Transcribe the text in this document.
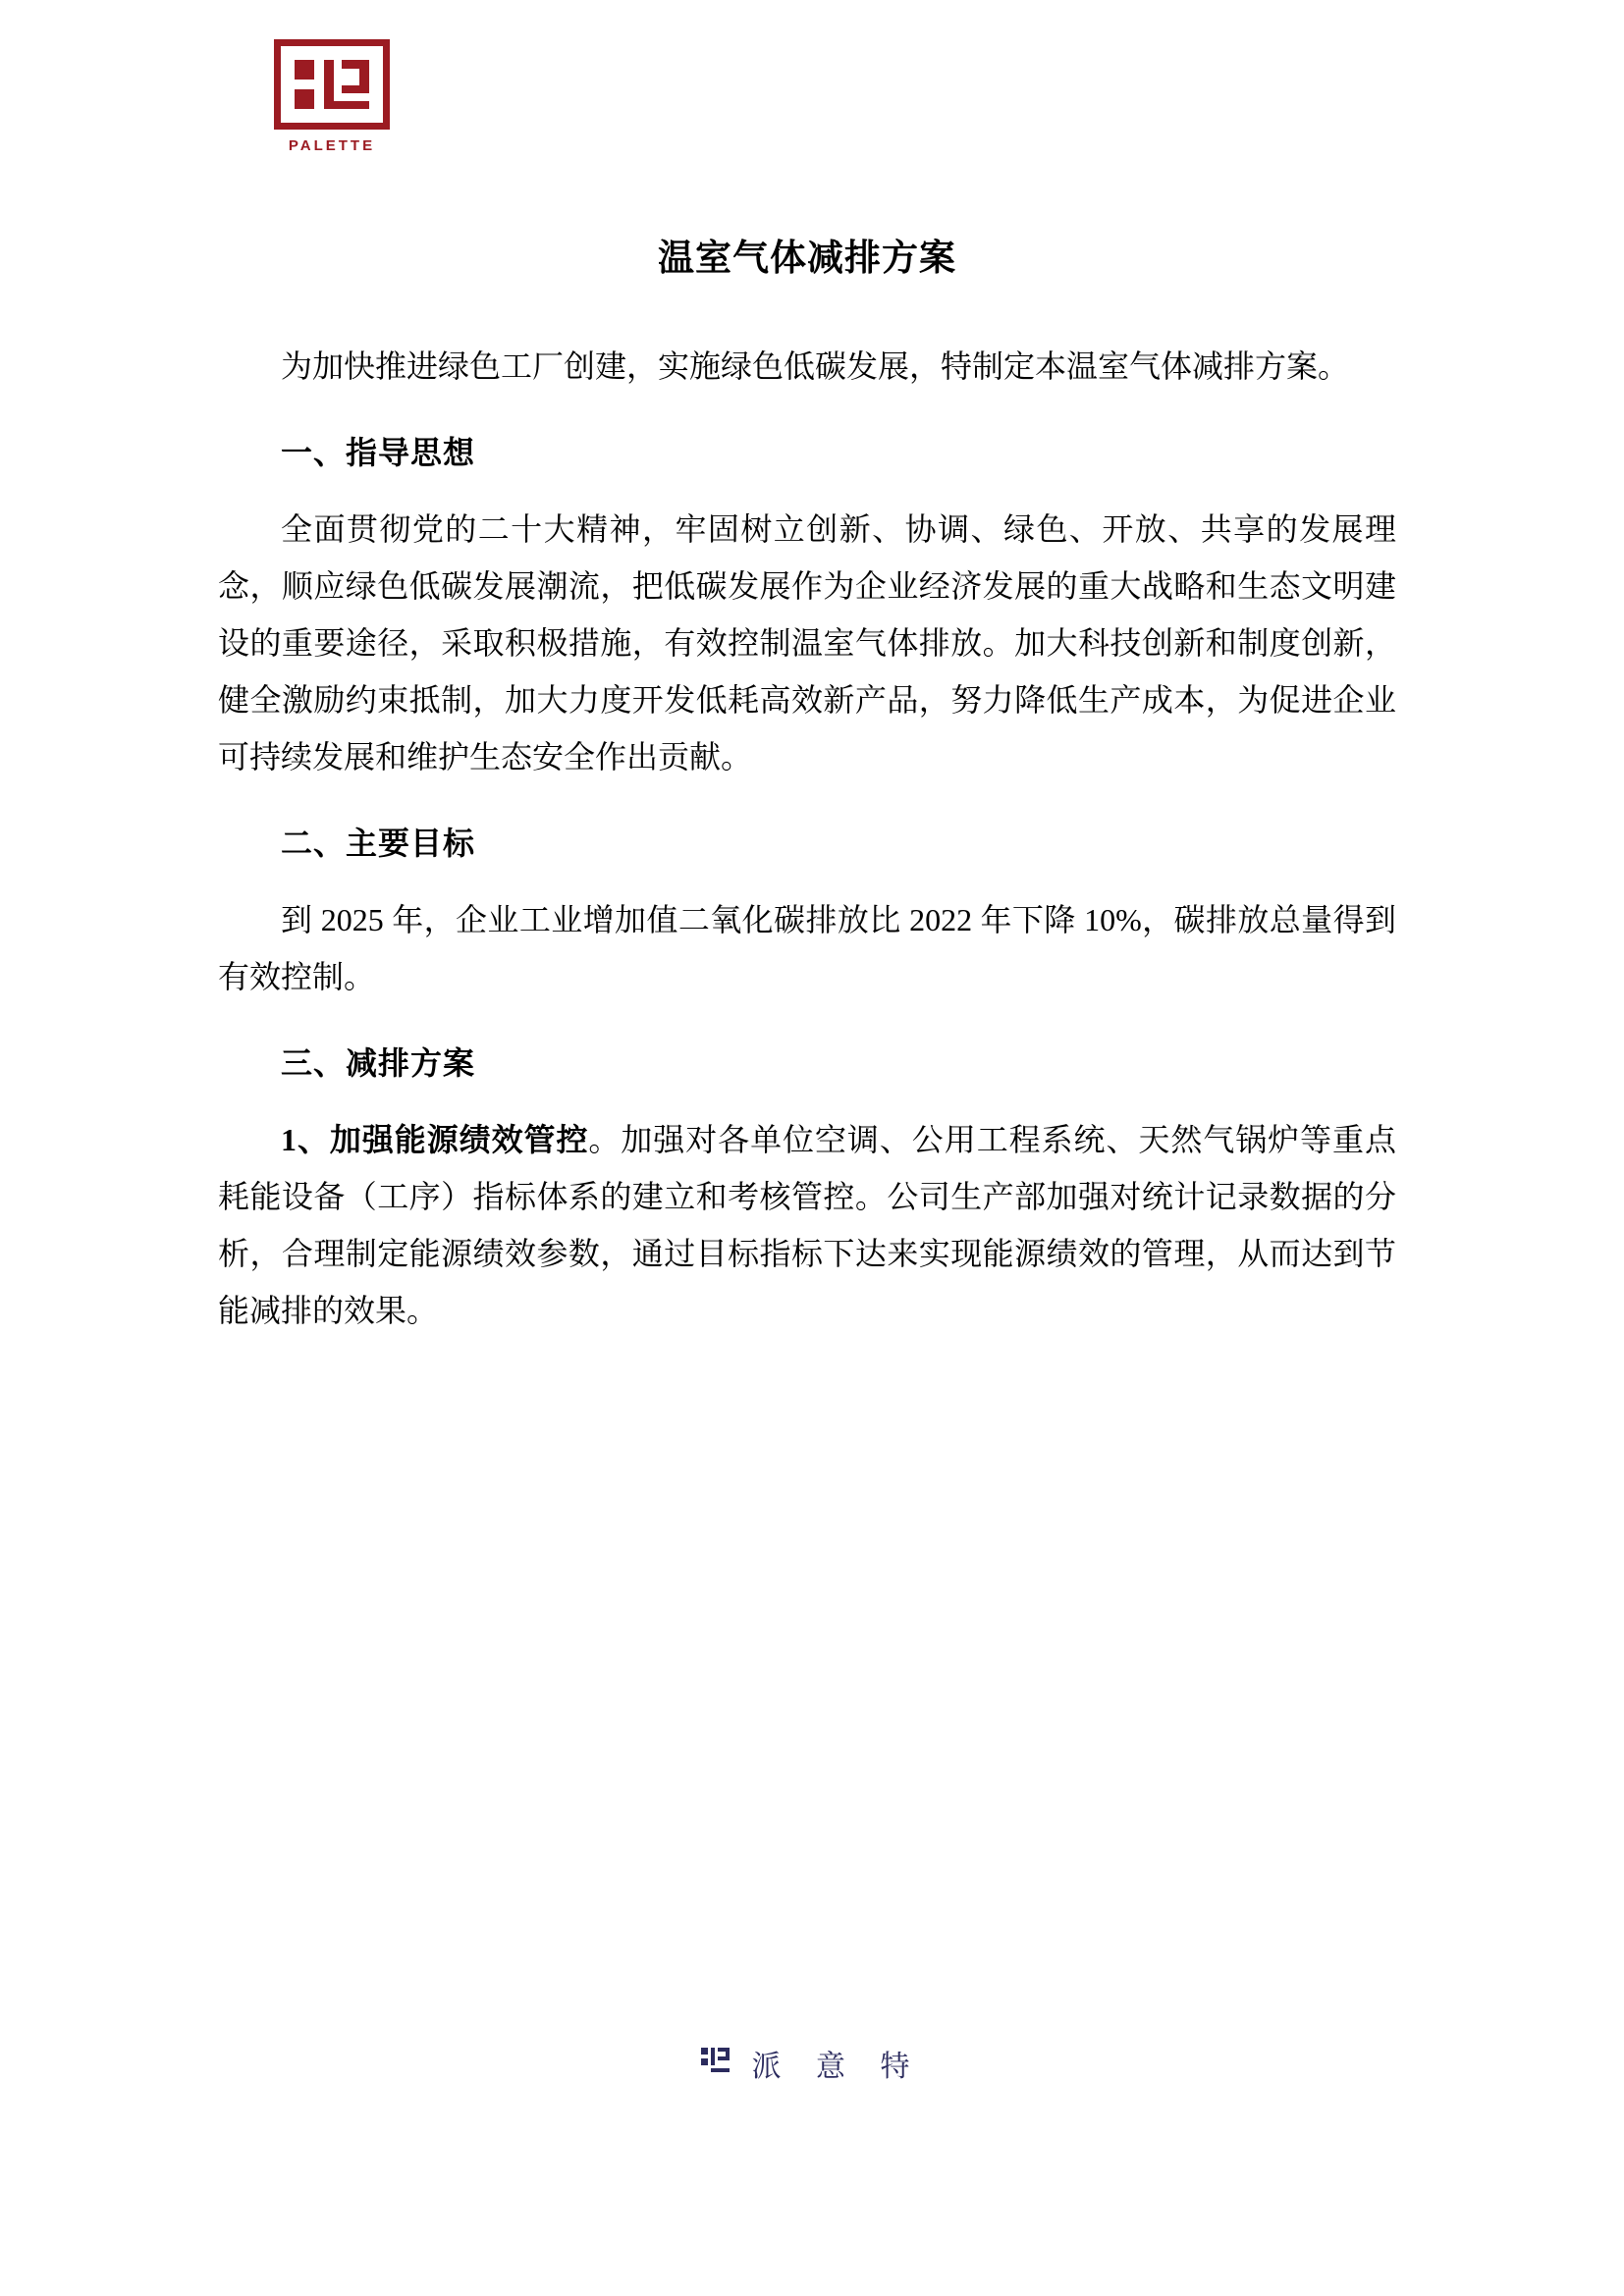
PALETTE
温室气体减排方案

为加快推进绿色工厂创建，实施绿色低碳发展，特制定本温室气体减排方案。

一、指导思想

全面贯彻党的二十大精神，牢固树立创新、协调、绿色、开放、共享的发展理念，顺应绿色低碳发展潮流，把低碳发展作为企业经济发展的重大战略和生态文明建设的重要途径，采取积极措施，有效控制温室气体排放。加大科技创新和制度创新，健全激励约束抵制，加大力度开发低耗高效新产品，努力降低生产成本，为促进企业可持续发展和维护生态安全作出贡献。

二、主要目标

到 2025 年，企业工业增加值二氧化碳排放比 2022 年下降 10%，碳排放总量得到有效控制。

三、减排方案

1、加强能源绩效管控。加强对各单位空调、公用工程系统、天然气锅炉等重点耗能设备（工序）指标体系的建立和考核管控。公司生产部加强对统计记录数据的分析，合理制定能源绩效参数，通过目标指标下达来实现能源绩效的管理，从而达到节能减排的效果。

派 意 特
